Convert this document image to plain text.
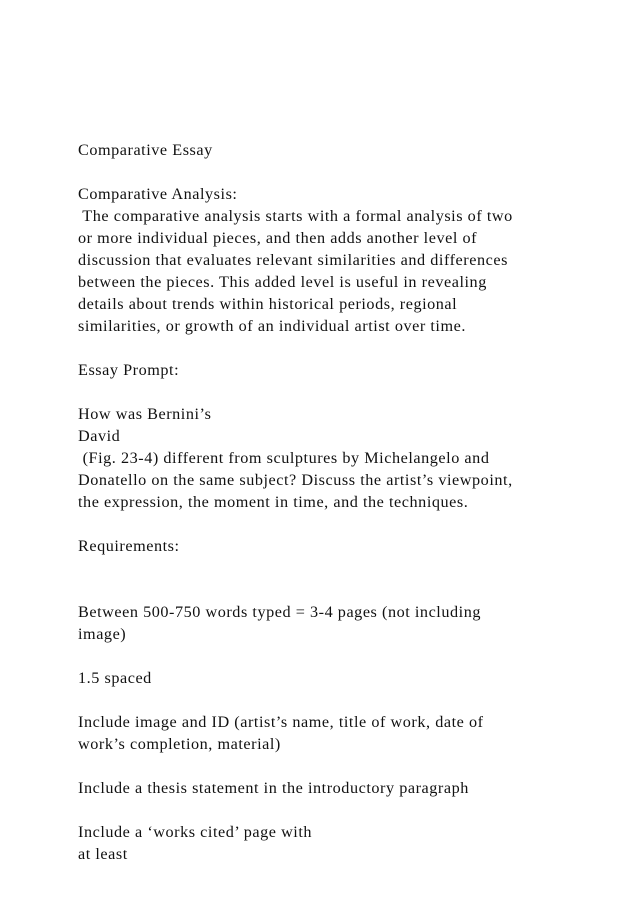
Comparative Essay
Comparative Analysis:
The comparative analysis starts with a formal analysis of two
or more individual pieces, and then adds another level of
discussion that evaluates relevant similarities and differences
between the pieces. This added level is useful in revealing
details about trends within historical periods, regional
similarities, or growth of an individual artist over time.
Essay Prompt:
How was Bernini’s
David
(Fig. 23-4) different from sculptures by Michelangelo and
Donatello on the same subject? Discuss the artist’s viewpoint,
the expression, the moment in time, and the techniques.
Requirements:
Between 500-750 words typed = 3-4 pages (not including
image)
1.5 spaced
Include image and ID (artist’s name, title of work, date of
work’s completion, material)
Include a thesis statement in the introductory paragraph
Include a ‘works cited’ page with
at least
